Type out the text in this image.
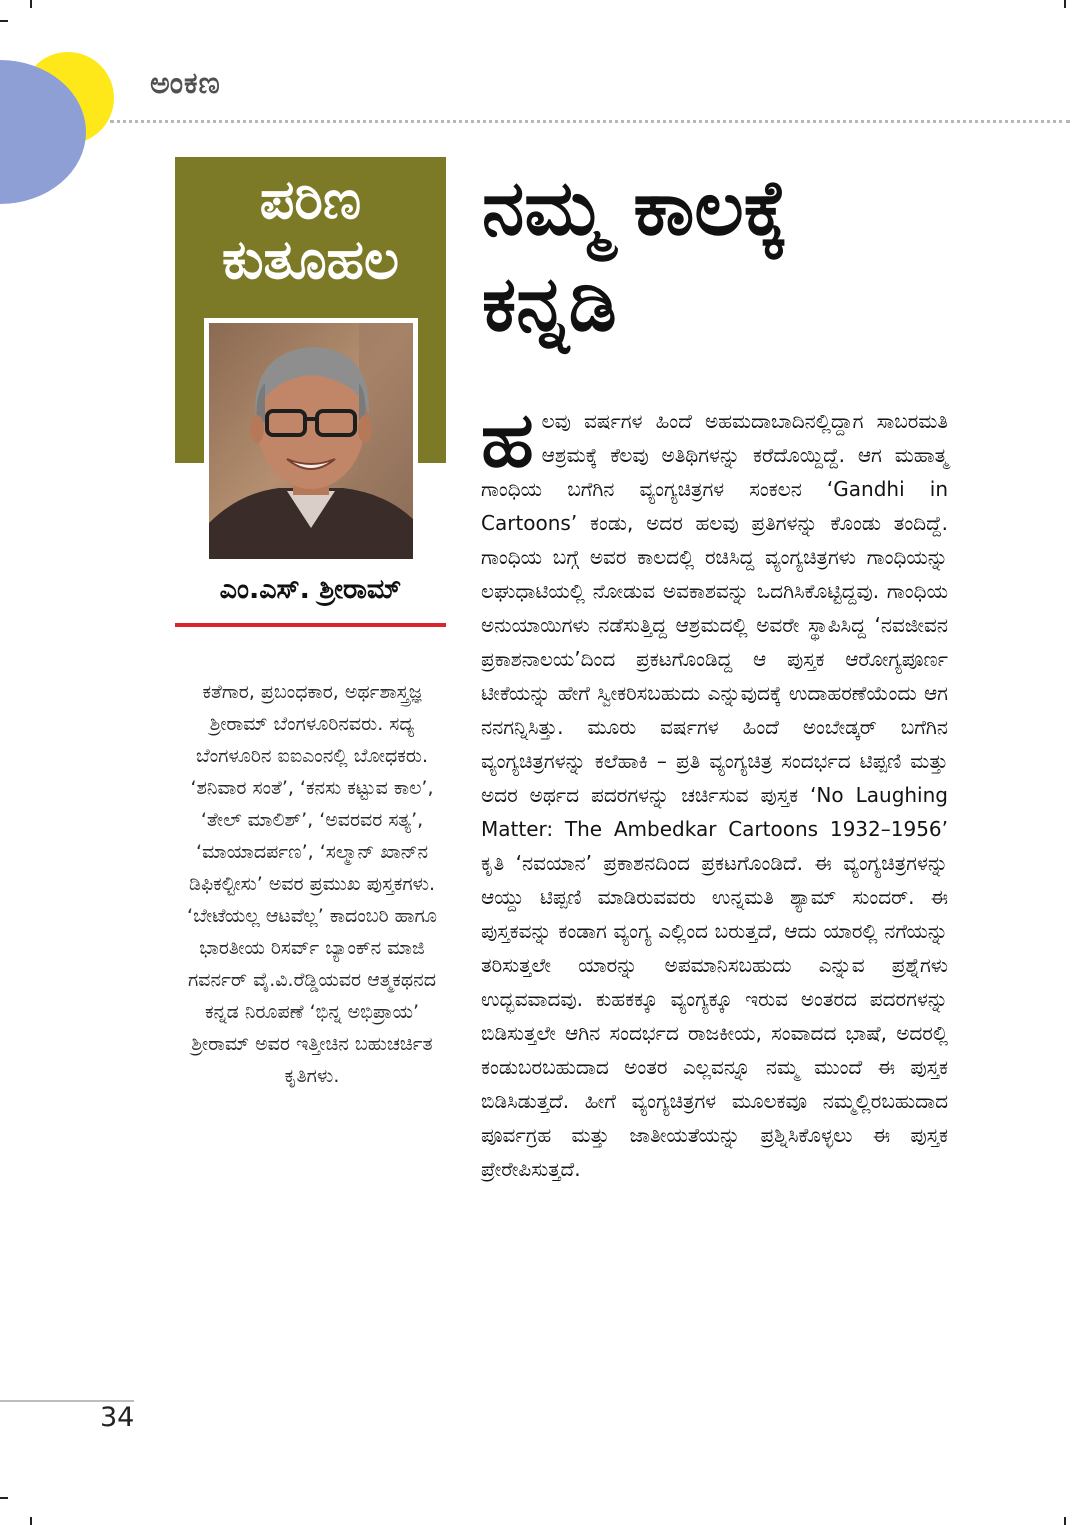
ಅಂಕಣ
ಪರಿಣ
ಕುತೂಹಲ
ಎಂ.ಎಸ್. ಶ್ರೀರಾಮ್
ಕತೆಗಾರ, ಪ್ರಬಂಧಕಾರ, ಅರ್ಥಶಾಸ್ತ್ರಜ್ಞ ಶ್ರೀರಾಮ್ ಬೆಂಗಳೂರಿನವರು. ಸದ್ಯ ಬೆಂಗಳೂರಿನ ಐಐಎಂನಲ್ಲಿ ಬೋಧಕರು. ‘ಶನಿವಾರ ಸಂತೆ’, ‘ಕನಸು ಕಟ್ಟುವ ಕಾಲ’, ‘ತೇಲ್ ಮಾಲಿಶ್’, ‘ಅವರವರ ಸತ್ಯ’, ‘ಮಾಯಾದರ್ಪಣ’, ‘ಸಲ್ಮಾನ್ ಖಾನ್‌ನ ಡಿಫಿಕಲ್ಟೀಸು’ ಅವರ ಪ್ರಮುಖ ಪುಸ್ತಕಗಳು. ‘ಬೇಟೆಯಲ್ಲ ಆಟವೆಲ್ಲ’ ಕಾದಂಬರಿ ಹಾಗೂ ಭಾರತೀಯ ರಿಸರ್ವ್ ಬ್ಯಾಂಕ್‌ನ ಮಾಜಿ ಗವರ್ನರ್ ವೈ.ವಿ.ರೆಡ್ಡಿಯವರ ಆತ್ಮಕಥನದ ಕನ್ನಡ ನಿರೂಪಣೆ ‘ಭಿನ್ನ ಅಭಿಪ್ರಾಯ’ ಶ್ರೀರಾಮ್ ಅವರ ಇತ್ತೀಚಿನ ಬಹುಚರ್ಚಿತ ಕೃತಿಗಳು.
ನಮ್ಮ ಕಾಲಕ್ಕೆ
ಕನ್ನಡಿ
ಹಲವು ವರ್ಷಗಳ ಹಿಂದೆ ಅಹಮದಾಬಾದಿನಲ್ಲಿದ್ದಾಗ ಸಾಬರಮತಿ ಆಶ್ರಮಕ್ಕೆ ಕೆಲವು ಅತಿಥಿಗಳನ್ನು ಕರೆದೊಯ್ದಿದ್ದೆ. ಆಗ ಮಹಾತ್ಮ ಗಾಂಧಿಯ ಬಗೆಗಿನ ವ್ಯಂಗ್ಯಚಿತ್ರಗಳ ಸಂಕಲನ ‘Gandhi in Cartoons’ ಕಂಡು, ಅದರ ಹಲವು ಪ್ರತಿಗಳನ್ನು ಕೊಂಡು ತಂದಿದ್ದೆ. ಗಾಂಧಿಯ ಬಗ್ಗೆ ಅವರ ಕಾಲದಲ್ಲಿ ರಚಿಸಿದ್ದ ವ್ಯಂಗ್ಯಚಿತ್ರಗಳು ಗಾಂಧಿಯನ್ನು ಲಘುಧಾಟಿಯಲ್ಲಿ ನೋಡುವ ಅವಕಾಶವನ್ನು ಒದಗಿಸಿಕೊಟ್ಟಿದ್ದವು. ಗಾಂಧಿಯ ಅನುಯಾಯಿಗಳು ನಡೆಸುತ್ತಿದ್ದ ಆಶ್ರಮದಲ್ಲಿ ಅವರೇ ಸ್ಥಾಪಿಸಿದ್ದ ‘ನವಜೀವನ ಪ್ರಕಾಶನಾಲಯ’ದಿಂದ ಪ್ರಕಟಗೊಂಡಿದ್ದ ಆ ಪುಸ್ತಕ ಆರೋಗ್ಯಪೂರ್ಣ ಟೀಕೆಯನ್ನು ಹೇಗೆ ಸ್ವೀಕರಿಸಬಹುದು ಎನ್ನುವುದಕ್ಕೆ ಉದಾಹರಣೆಯೆಂದು ಆಗ ನನಗನ್ನಿಸಿತ್ತು. ಮೂರು ವರ್ಷಗಳ ಹಿಂದೆ ಅಂಬೇಡ್ಕರ್ ಬಗೆಗಿನ ವ್ಯಂಗ್ಯಚಿತ್ರಗಳನ್ನು ಕಲೆಹಾಕಿ – ಪ್ರತಿ ವ್ಯಂಗ್ಯಚಿತ್ರ ಸಂದರ್ಭದ ಟಿಪ್ಪಣಿ ಮತ್ತು ಅದರ ಅರ್ಥದ ಪದರಗಳನ್ನು ಚರ್ಚಿಸುವ ಪುಸ್ತಕ ‘No Laughing Matter: The Ambedkar Cartoons 1932–1956’ ಕೃತಿ ‘ನವಯಾನ’ ಪ್ರಕಾಶನದಿಂದ ಪ್ರಕಟಗೊಂಡಿದೆ. ಈ ವ್ಯಂಗ್ಯಚಿತ್ರಗಳನ್ನು ಆಯ್ದು ಟಿಪ್ಪಣಿ ಮಾಡಿರುವವರು ಉನ್ನಮತಿ ಶ್ಯಾಮ್ ಸುಂದರ್. ಈ ಪುಸ್ತಕವನ್ನು ಕಂಡಾಗ ವ್ಯಂಗ್ಯ ಎಲ್ಲಿಂದ ಬರುತ್ತದೆ, ಆದು ಯಾರಲ್ಲಿ ನಗೆಯನ್ನು ತರಿಸುತ್ತಲೇ ಯಾರನ್ನು ಅಪಮಾನಿಸಬಹುದು ಎನ್ನುವ ಪ್ರಶ್ನೆಗಳು ಉದ್ಭವವಾದವು. ಕುಹಕಕ್ಕೂ ವ್ಯಂಗ್ಯಕ್ಕೂ ಇರುವ ಅಂತರದ ಪದರಗಳನ್ನು ಬಿಡಿಸುತ್ತಲೇ ಆಗಿನ ಸಂದರ್ಭದ ರಾಜಕೀಯ, ಸಂವಾದದ ಭಾಷೆ, ಅದರಲ್ಲಿ ಕಂಡುಬರಬಹುದಾದ ಅಂತರ ಎಲ್ಲವನ್ನೂ ನಮ್ಮ ಮುಂದೆ ಈ ಪುಸ್ತಕ ಬಿಡಿಸಿಡುತ್ತದೆ. ಹೀಗೆ ವ್ಯಂಗ್ಯಚಿತ್ರಗಳ ಮೂಲಕವೂ ನಮ್ಮಲ್ಲಿರಬಹುದಾದ ಪೂರ್ವಗ್ರಹ ಮತ್ತು ಜಾತೀಯತೆಯನ್ನು ಪ್ರಶ್ನಿಸಿಕೊಳ್ಳಲು ಈ ಪುಸ್ತಕ ಪ್ರೇರೇಪಿಸುತ್ತದೆ.
34
